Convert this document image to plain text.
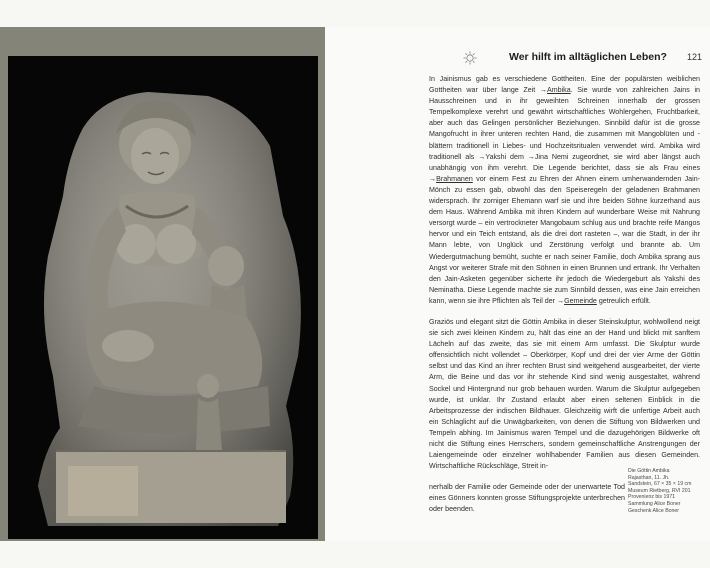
Wer hilft im alltäglichen Leben? 121

In Jainismus gab es verschiedene Gottheiten. Eine der populärsten weiblichen Gottheiten war über lange Zeit →Ambika. Sie wurde von zahlreichen Jains in Hausschreinen und in ihr geweihten Schreinen innerhalb der grossen Tempelkomplexe verehrt und gewährt wirtschaftliches Wohlergehen, Fruchtbarkeit, aber auch das Gelingen persönlicher Beziehungen. Sinnbild dafür ist die grosse Mangofrucht in ihrer unteren rechten Hand, die zusammen mit Mangoblüten und -blättern traditionell in Liebes- und Hochzeitsritualen verwendet wird. Ambika wird traditionell als →Yakshi dem →Jina Nemi zugeordnet, sie wird aber längst auch unabhängig von ihm verehrt. Die Legende berichtet, dass sie als Frau eines →Brahmanen vor einem Fest zu Ehren der Ahnen einem umherwandernden Jain-Mönch zu essen gab, obwohl das den Speiseregeln der geladenen Brahmanen widersprach. Ihr zorniger Ehemann warf sie und ihre beiden Söhne kurzerhand aus dem Haus. Während Ambika mit ihren Kindern auf wunderbare Weise mit Nahrung versorgt wurde – ein vertrockneter Mangobaum schlug aus und brachte reife Mangos hervor und ein Teich entstand, als die drei dort rasteten –, war die Stadt, in der ihr Mann lebte, von Unglück und Zerstörung verfolgt und brannte ab. Um Wiedergutmachung bemüht, suchte er nach seiner Familie, doch Ambika sprang aus Angst vor weiterer Strafe mit den Söhnen in einen Brunnen und ertrank. Ihr Verhalten den Jain-Asketen gegenüber sicherte ihr jedoch die Wiedergeburt als Yakshi des Neminatha. Diese Legende machte sie zum Sinnbild dessen, was eine Jain erreichen kann, wenn sie ihre Pflichten als Teil der →Gemeinde getreulich erfüllt.

Graziös und elegant sitzt die Göttin Ambika in dieser Steinskulptur, wohlwollend neigt sie sich zwei kleinen Kindern zu, hält das eine an der Hand und blickt mit sanftem Lächeln auf das zweite, das sie mit einem Arm umfasst. Die Skulptur wurde offensichtlich nicht vollendet – Oberkörper, Kopf und drei der vier Arme der Göttin selbst und das Kind an ihrer rechten Brust sind weitgehend ausgearbeitet, der vierte Arm, die Beine und das vor ihr stehende Kind sind wenig ausgestaltet, während Sockel und Hintergrund nur grob behauen wurden. Warum die Skulptur aufgegeben wurde, ist unklar. Ihr Zustand erlaubt aber einen seltenen Einblick in die Arbeitsprozesse der indischen Bildhauer. Gleichzeitig wirft die unfertige Arbeit auch ein Schlaglicht auf die Unwägbarkeiten, von denen die Stiftung von Bildwerken und Tempeln abhing. Im Jainismus waren Tempel und die dazugehörigen Bildwerke oft nicht die Stiftung eines Herrschers, sondern gemeinschaftliche Anstrengungen der Laiengemeinde oder einzelner wohlhabender Familien aus diesen Gemeinden. Wirtschaftliche Rückschläge, Streit in-

nerhalb der Familie oder Gemeinde oder der unerwartete Tod eines Gönners konnten grosse Stiftungsprojekte unterbrechen oder beenden.

Die Göttin Ambika
Rajasthan, 11. Jh.
Sandstein, 67 × 35 × 19 cm
Museum Rietberg, RVI 201
Provenienz bis 1971
Sammlung Alice Boner
Geschenk Alice Boner
